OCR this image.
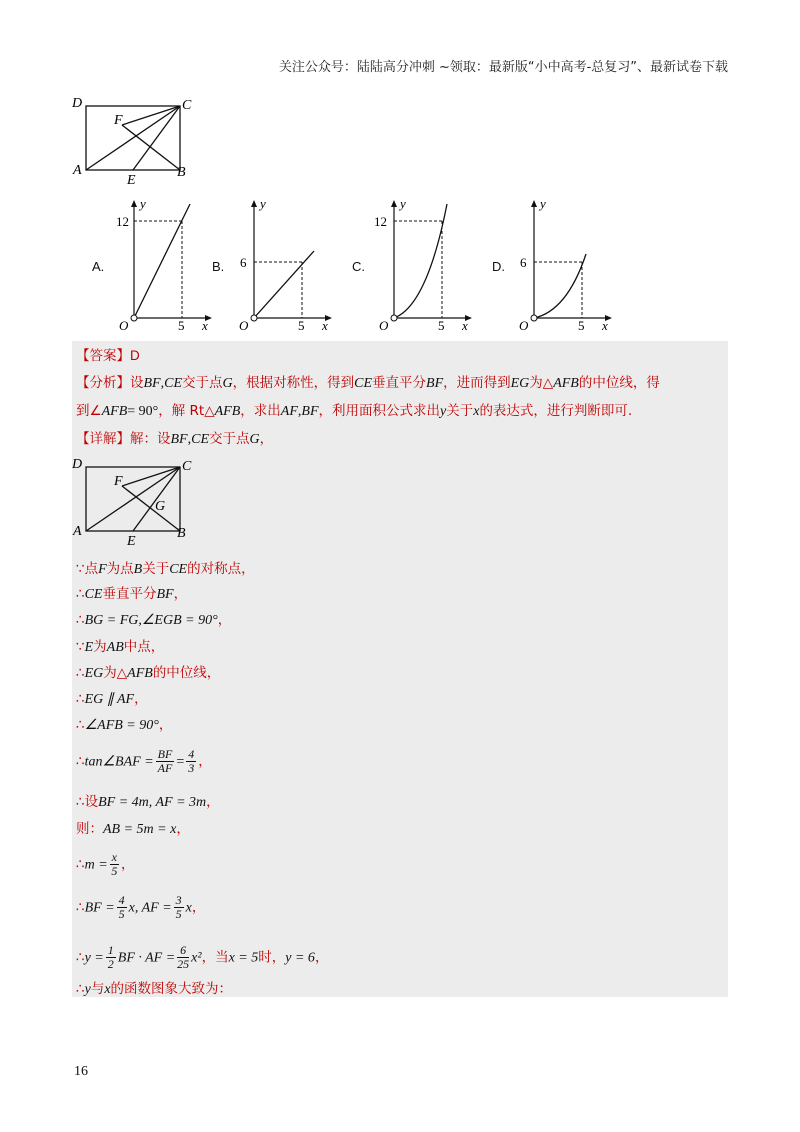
关注公众号：陆陆高分冲刺 ~领取：最新版“小中高考-总复习”、最新试卷下载
D	C
F
A
E
B
A.
y
12
O	5 x
B.
y
6
O	5 x
C.
y
12
O	5 x
D.
y
6
O	5 x
【答案】D
【分析】设BF,CE交于点G，根据对称性，得到CE垂直平分BF，进而得到EG为△AFB的中位线，得
到∠AFB= 90°，解 Rt△AFB，求出AF,BF，利用面积公式求出y关于x的表达式，进行判断即可.
【详解】解：设BF,CE交于点G，
D	C
F
G
A
E
B
∵点F为点B关于CE的对称点，
∴CE垂直平分BF，
∴BG = FG,∠EGB = 90°，
∵E为AB中点，
∴EG为△AFB的中位线，
∴EG ∥ AF，
∴∠AFB = 90°，
∴tan∠BAF = $\frac{BF}{AF} = \frac{4}{3}$ ，
∴设BF = 4m, AF = 3m，
则：AB = 5m = x，
∴m = $\frac{x}{5}$ ，
∴BF = $\frac{4}{5} x$, AF = $\frac{3}{5}$ x，
∴y = $\frac{1}{2}$ BF · AF = $\frac{6}{25} x^2$，当x = 5时，y = 6，
∴y与x的函数图象大致为：
16
